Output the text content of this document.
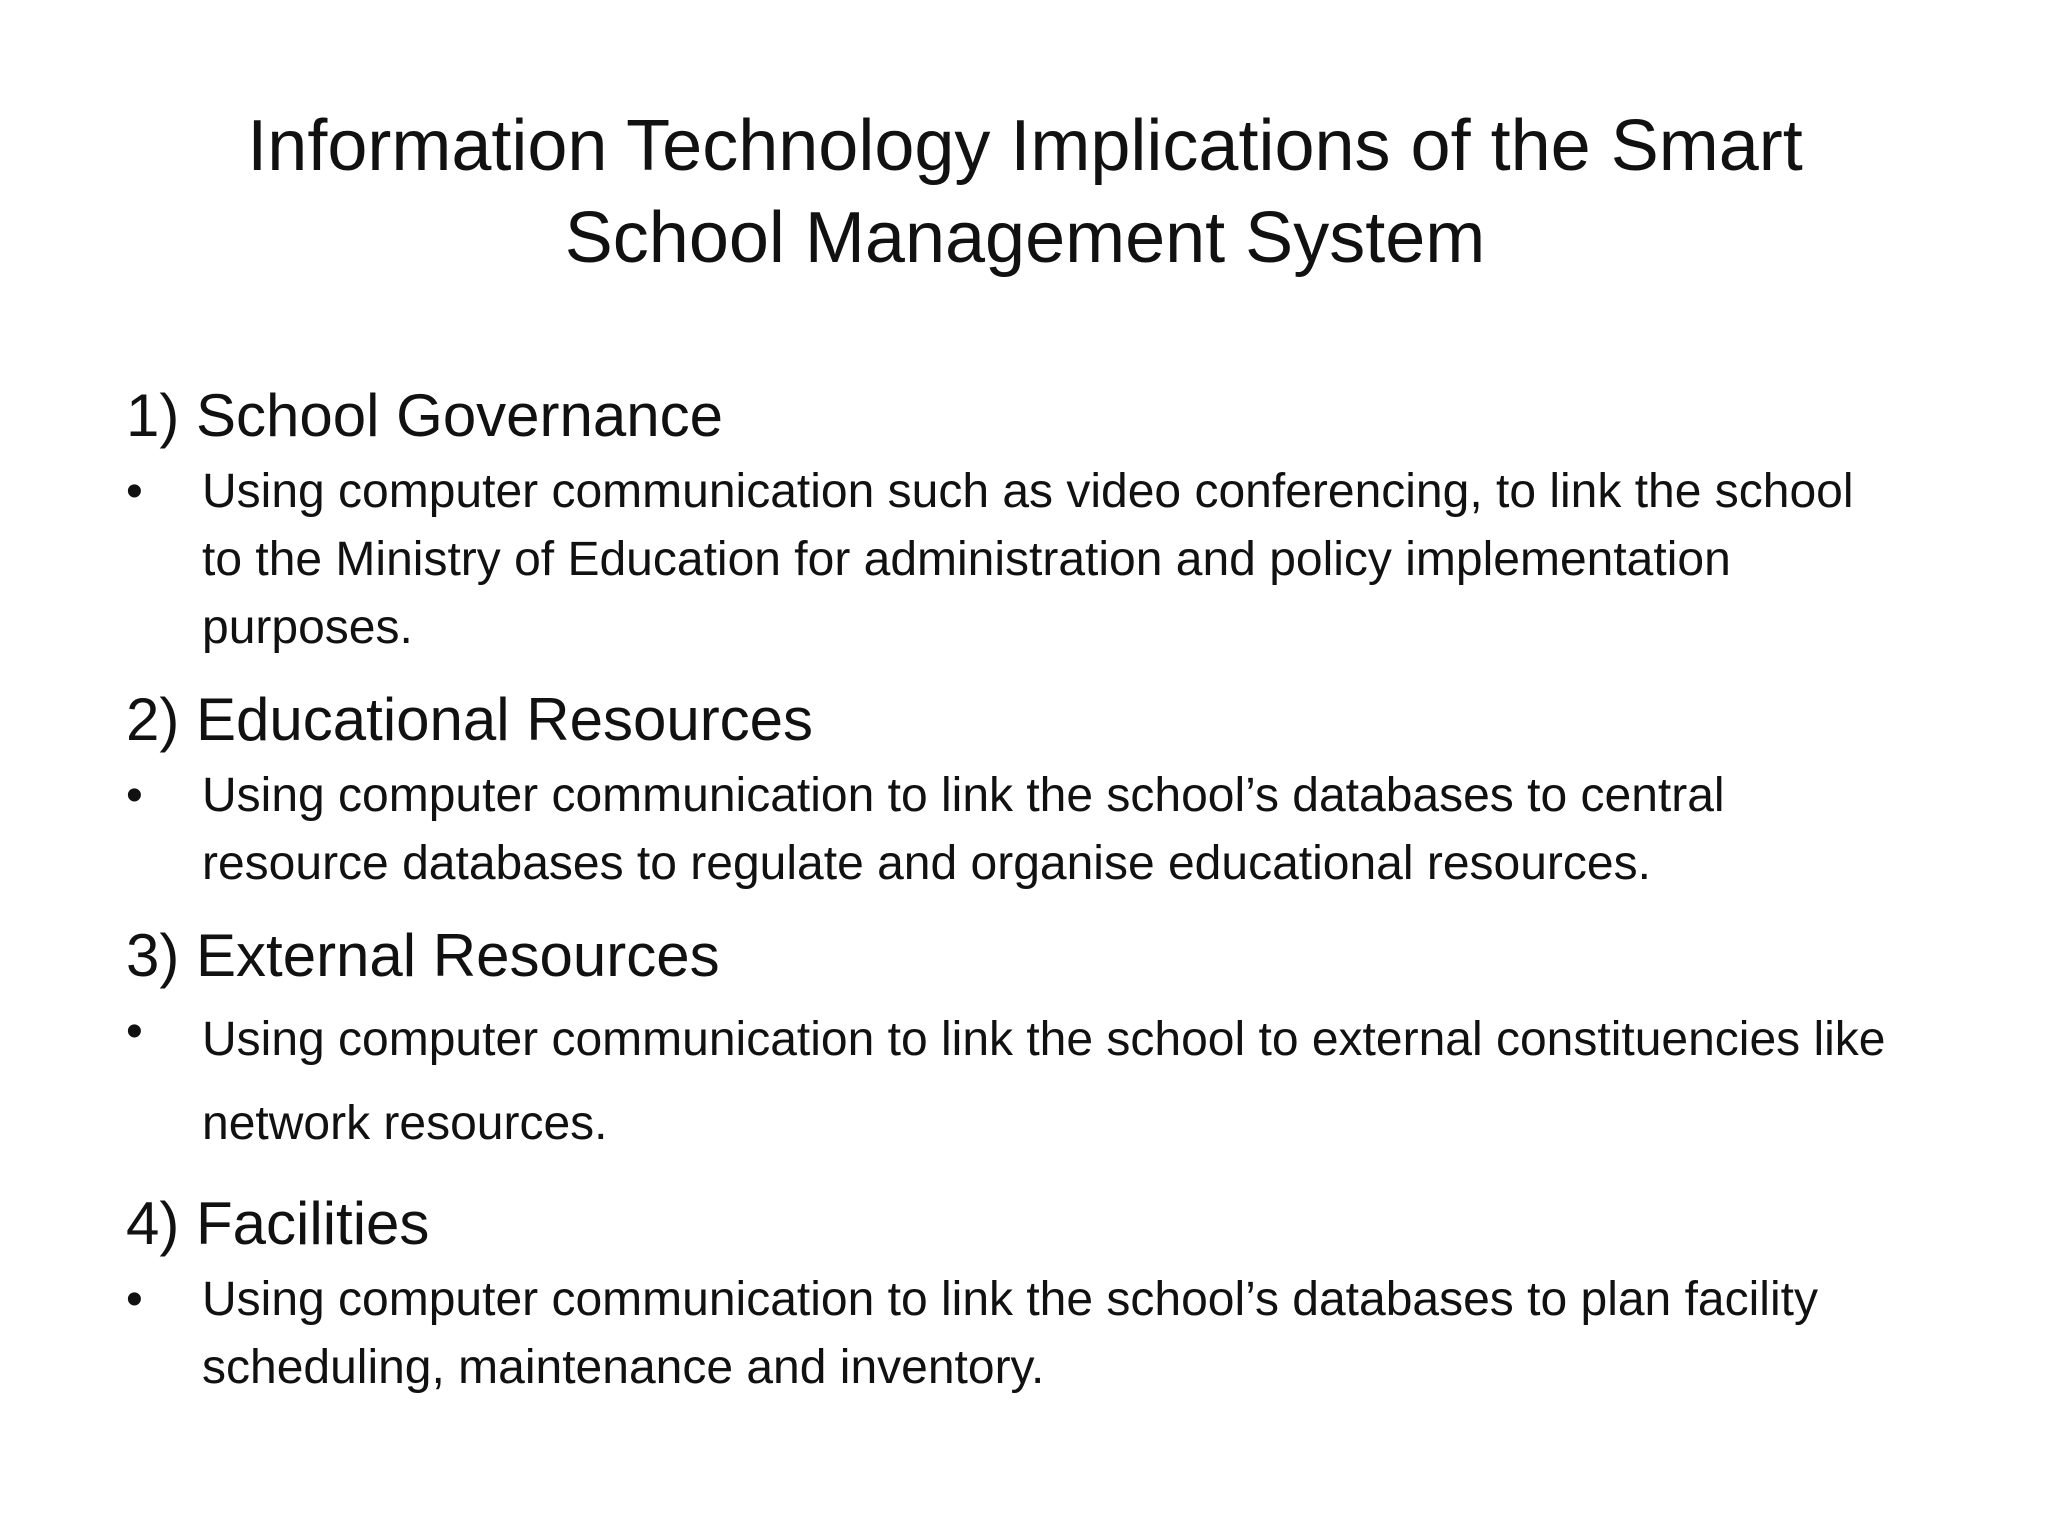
Information Technology Implications of the Smart School Management System
1) School Governance
•	Using computer communication such as video conferencing, to link the school to the Ministry of Education for administration and policy implementation purposes.
2) Educational Resources
•	Using computer communication to link the school’s databases to central resource databases to regulate and organise educational resources.
3) External Resources
•	Using computer communication to link the school to external constituencies like network resources.
4) Facilities
•	Using computer communication to link the school’s databases to plan facility scheduling, maintenance and inventory.
